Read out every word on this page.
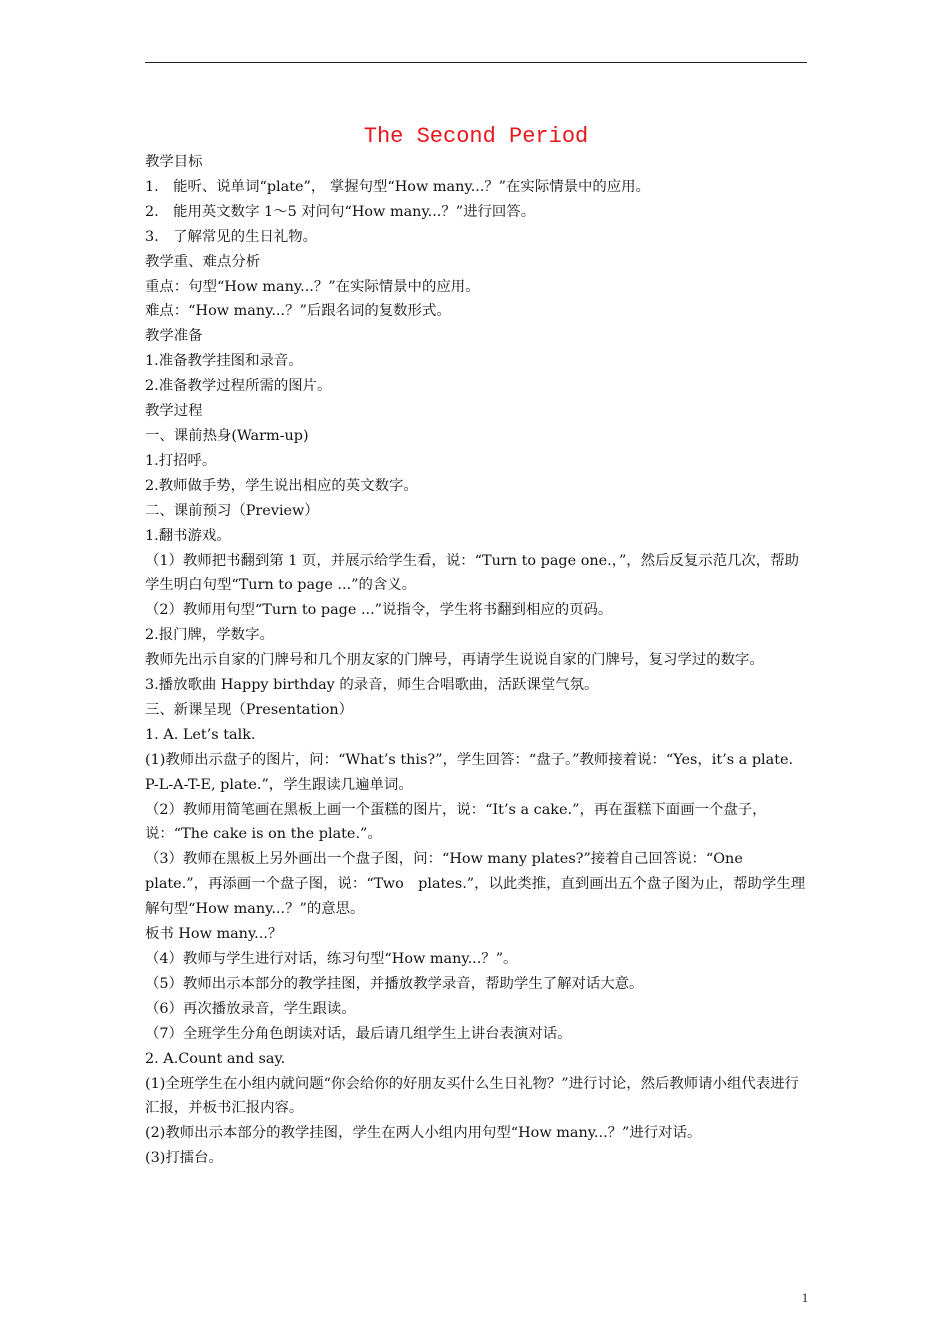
The Second Period

教学目标

1.　能听、说单词“plate”， 掌握句型“How many...？”在实际情景中的应用。

2.　能用英文数字 1～5 对问句“How many...？”进行回答。

3.　了解常见的生日礼物。

教学重、难点分析

重点：句型“How many...？”在实际情景中的应用。

难点：“How many...？”后跟名词的复数形式。

教学准备

1.准备教学挂图和录音。

2.准备教学过程所需的图片。

教学过程

一、课前热身(Warm-up)

1.打招呼。

2.教师做手势，学生说出相应的英文数字。

二、课前预习（Preview）

1.翻书游戏。

（1）教师把书翻到第 1 页，并展示给学生看，说：“Turn to page one.，”，然后反复示范几次，帮助学生明白句型“Turn to page ...”的含义。

（2）教师用句型“Turn to page ...”说指令，学生将书翻到相应的页码。

2.报门牌，学数字。

教师先出示自家的门牌号和几个朋友家的门牌号，再请学生说说自家的门牌号，复习学过的数字。

3.播放歌曲 Happy birthday 的录音，师生合唱歌曲，活跃课堂气氛。

三、新课呈现（Presentation）

1. A. Let’s talk.

(1)教师出示盘子的图片，问：“What’s this?”，学生回答：“盘子。”教师接着说：“Yes，it’s a plate. P-L-A-T-E, plate.”，学生跟读几遍单词。

（2）教师用简笔画在黑板上画一个蛋糕的图片，说：“It’s a cake.”，再在蛋糕下面画一个盘子，说：“The cake is on the plate.”。

（3）教师在黑板上另外画出一个盘子图，问：“How many plates?”接着自己回答说：“One plate.”，再添画一个盘子图，说：“Two　plates.”，以此类推，直到画出五个盘子图为止，帮助学生理解句型“How many...？”的意思。

板书 How many...？

（4）教师与学生进行对话，练习句型“How many...？”。

（5）教师出示本部分的教学挂图，并播放教学录音，帮助学生了解对话大意。

（6）再次播放录音，学生跟读。

（7）全班学生分角色朗读对话，最后请几组学生上讲台表演对话。

2. A.Count and say.

(1)全班学生在小组内就问题“你会给你的好朋友买什么生日礼物？”进行讨论，然后教师请小组代表进行汇报，并板书汇报内容。

(2)教师出示本部分的教学挂图，学生在两人小组内用句型“How many...？”进行对话。

(3)打擂台。

1
